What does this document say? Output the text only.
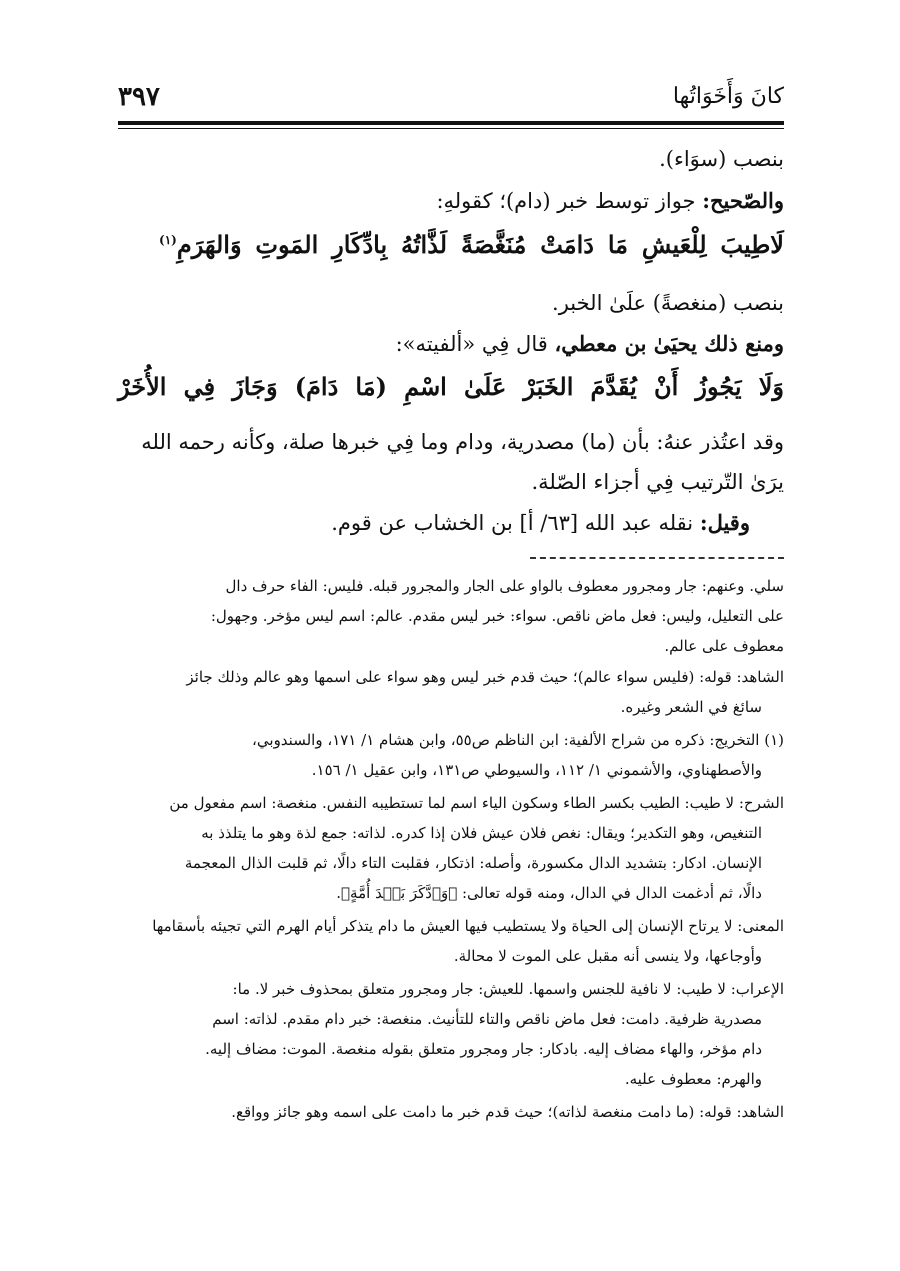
٣٩٧	كانَ وَأَخَوَاتُها
بنصب (سوَاء).
والصّحيح: جواز توسط خبر (دام)؛ كقولهِ:
لَاطِيبَ لِلْعَيشِ مَا دَامَتْ مُنَغَّصَةً لَذَّاتُهُ بِادِّكَارِ المَوتِ وَالهَرَمِ$^{(١)}$
بنصب (منغصةً) علَىٰ الخبر.
ومنع ذلك يحيَىٰ بن معطي، قال فِي «ألفيته»:
وَلَا يَجُوزُ أَنْ يُقَدَّمَ الخَبَرْ عَلَىٰ اسْمِ (مَا دَامَ) وَجَازَ فِي الأُخَرْ
وقد اعتُذر عنهُ: بأن (ما) مصدرية، ودام وما فِي خبرها صلة، وكأنه رحمه الله
يرَىٰ التّرتيب فِي أجزاء الصّلة.
وقيل: نقله عبد الله [٦٣/ أ] بن الخشاب عن قوم.
سلي. وعنهم: جار ومجرور معطوف بالواو على الجار والمجرور قبله. فليس: الفاء حرف دال
على التعليل، وليس: فعل ماض ناقص. سواء: خبر ليس مقدم. عالم: اسم ليس مؤخر. وجهول:
معطوف على عالم.
الشاهد: قوله: (فليس سواء عالم)؛ حيث قدم خبر ليس وهو سواء على اسمها وهو عالم وذلك جائز
سائغ في الشعر وغيره.
(١) التخريج: ذكره من شراح الألفية: ابن الناظم ص٥٥، وابن هشام ١/ ١٧١، والسندوبي،
والأصطهناوي، والأشموني ١/ ١١٢، والسيوطي ص١٣١، وابن عقيل ١/ ١٥٦.
الشرح: لا طيب: الطيب بكسر الطاء وسكون الياء اسم لما تستطيبه النفس. منغصة: اسم مفعول من
التنغيص، وهو التكدير؛ ويقال: نغص فلان عيش فلان إذا كدره. لذاته: جمع لذة وهو ما يتلذذ به
الإنسان. ادكار: بتشديد الدال مكسورة، وأصله: اذتكار، فقلبت التاء دالًا، ثم قلبت الذال المعجمة
دالًا، ثم أدغمت الدال في الدال، ومنه قوله تعالى: ﴿وَٱدَّكَرَ بَعۡدَ أُمَّةٍ﴾.
المعنى: لا يرتاح الإنسان إلى الحياة ولا يستطيب فيها العيش ما دام يتذكر أيام الهرم التي تجيئه بأسقامها
وأوجاعها، ولا ينسى أنه مقبل على الموت لا محالة.
الإعراب: لا طيب: لا نافية للجنس واسمها. للعيش: جار ومجرور متعلق بمحذوف خبر لا. ما:
مصدرية ظرفية. دامت: فعل ماض ناقص والتاء للتأنيث. منغصة: خبر دام مقدم. لذاته: اسم
دام مؤخر، والهاء مضاف إليه. بادكار: جار ومجرور متعلق بقوله منغصة. الموت: مضاف إليه.
والهرم: معطوف عليه.
الشاهد: قوله: (ما دامت منغصة لذاته)؛ حيث قدم خبر ما دامت على اسمه وهو جائز وواقع.
